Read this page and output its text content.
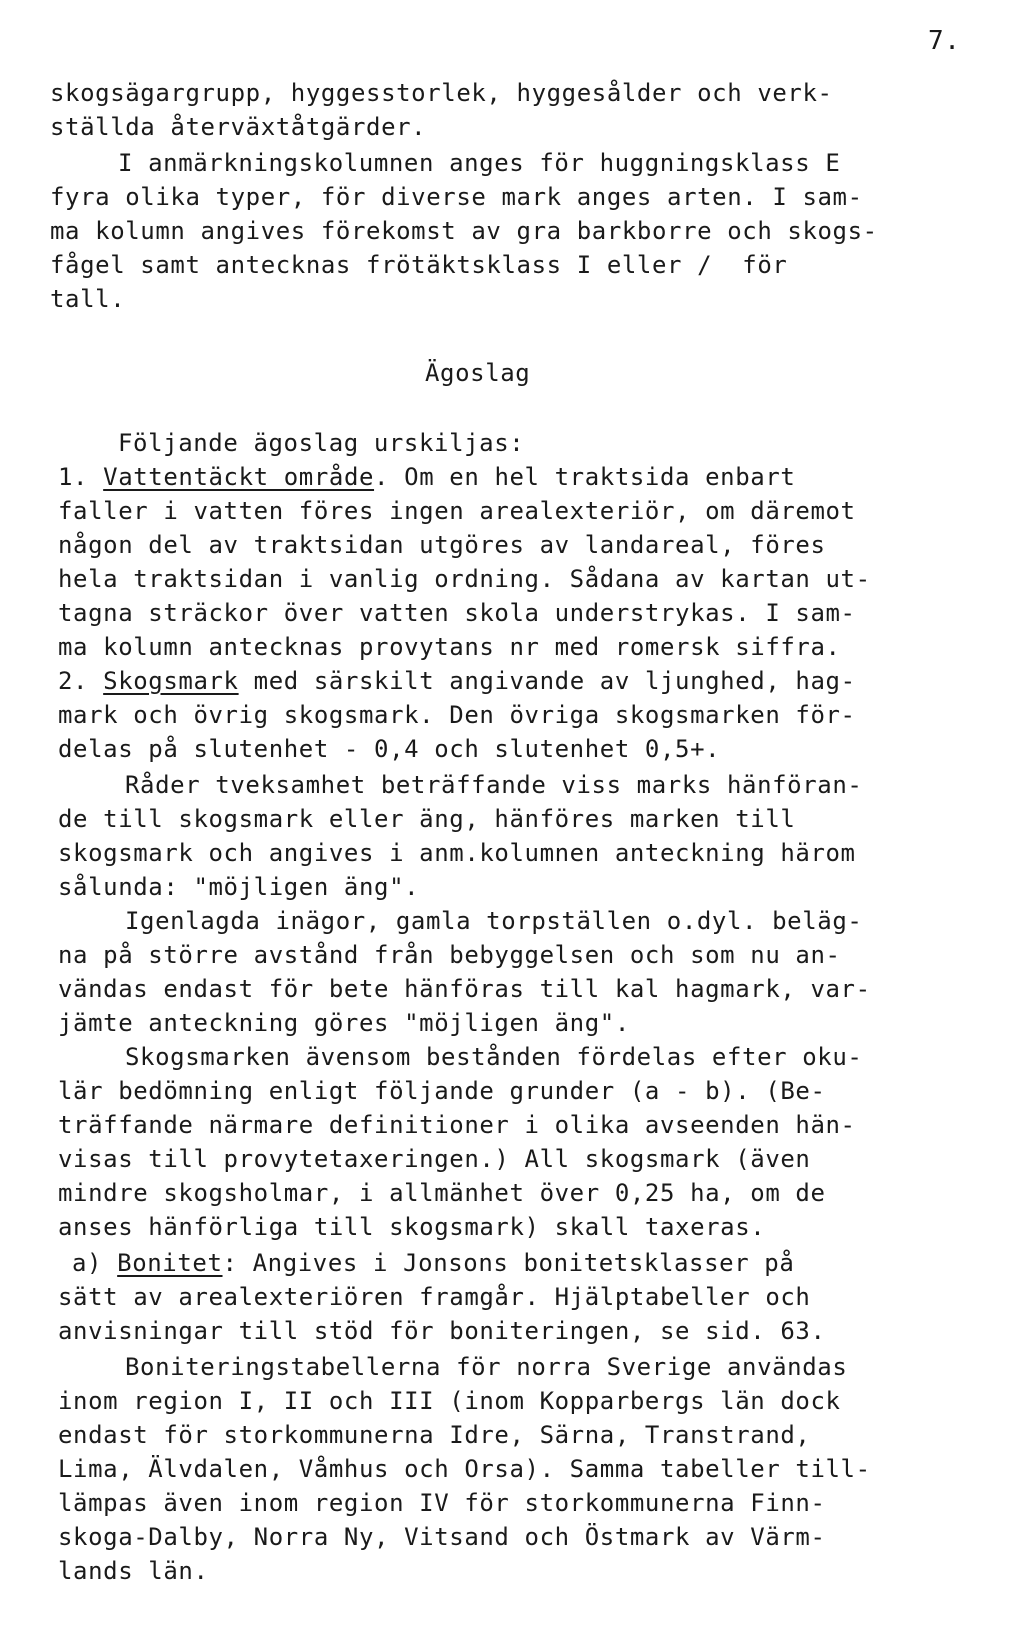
7.
skogsägargrupp, hyggesstorlek, hyggesålder och verk-
ställda återväxtåtgärder.
I anmärkningskolumnen anges för huggningsklass E
fyra olika typer, för diverse mark anges arten. I sam-
ma kolumn angives förekomst av gra barkborre och skogs-
fågel samt antecknas frötäktsklass I eller /  för
tall.
Ägoslag
Följande ägoslag urskiljas:
1. Vattentäckt område. Om en hel traktsida enbart
faller i vatten föres ingen arealexteriör, om däremot
någon del av traktsidan utgöres av landareal, föres
hela traktsidan i vanlig ordning. Sådana av kartan ut-
tagna sträckor över vatten skola understrykas. I sam-
ma kolumn antecknas provytans nr med romersk siffra.
2. Skogsmark med särskilt angivande av ljunghed, hag-
mark och övrig skogsmark. Den övriga skogsmarken för-
delas på slutenhet - 0,4 och slutenhet 0,5+.
Råder tveksamhet beträffande viss marks hänföran-
de till skogsmark eller äng, hänföres marken till
skogsmark och angives i anm.kolumnen anteckning härom
sålunda: "möjligen äng".
Igenlagda inägor, gamla torpställen o.dyl. beläg-
na på större avstånd från bebyggelsen och som nu an-
vändas endast för bete hänföras till kal hagmark, var-
jämte anteckning göres "möjligen äng".
Skogsmarken ävensom bestånden fördelas efter oku-
lär bedömning enligt följande grunder (a - b). (Be-
träffande närmare definitioner i olika avseenden hän-
visas till provytetaxeringen.) All skogsmark (även
mindre skogsholmar, i allmänhet över 0,25 ha, om de
anses hänförliga till skogsmark) skall taxeras.
a) Bonitet: Angives i Jonsons bonitetsklasser på
sätt av arealexteriören framgår. Hjälptabeller och
anvisningar till stöd för boniteringen, se sid. 63.
Boniteringstabellerna för norra Sverige användas
inom region I, II och III (inom Kopparbergs län dock
endast för storkommunerna Idre, Särna, Transtrand,
Lima, Älvdalen, Våmhus och Orsa). Samma tabeller till-
lämpas även inom region IV för storkommunerna Finn-
skoga-Dalby, Norra Ny, Vitsand och Östmark av Värm-
lands län.
